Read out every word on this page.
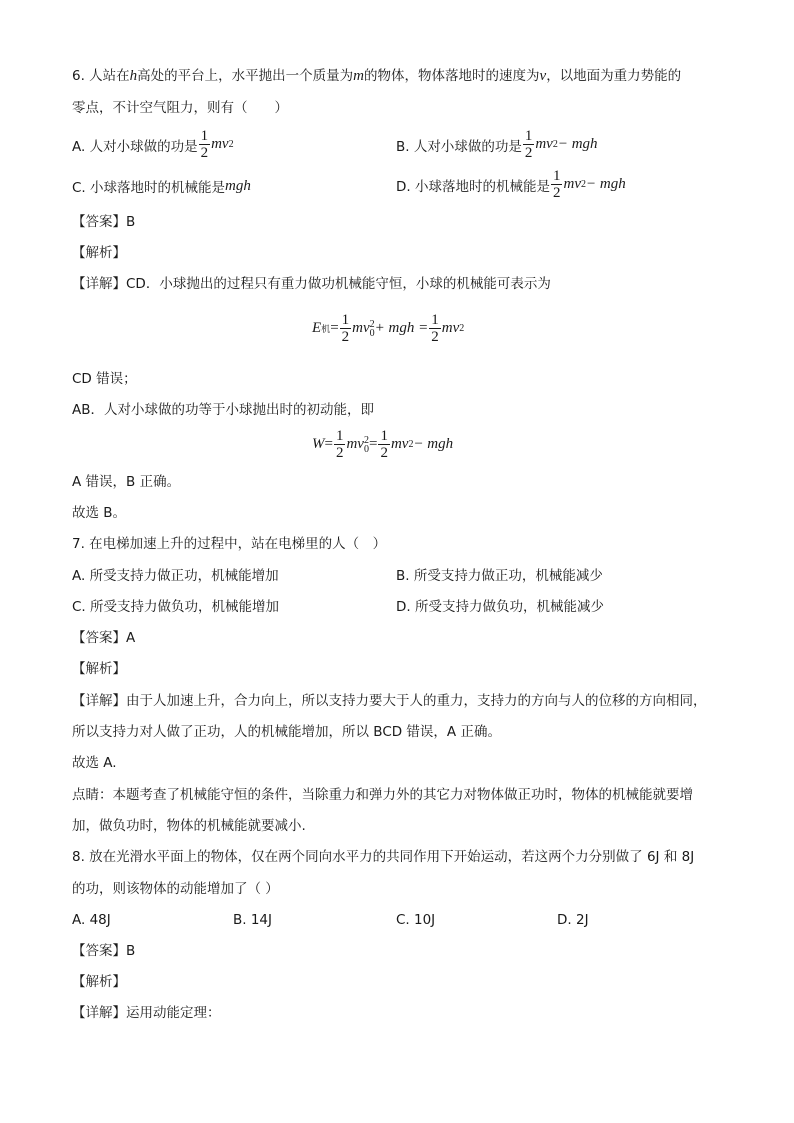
6. 人站在h高处的平台上，水平抛出一个质量为m的物体，物体落地时的速度为v，以地面为重力势能的
零点，不计空气阻力，则有（　　）
A. 人对小球做的功是 $\frac{1}{2}$ mv 2	B. 人对小球做的功是 $\frac{1}{2}$ mv 2 − mgh
C. 小球落地时的机械能是 mgh	D. 小球落地时的机械能是 $\frac{1}{2}$ mv 2 − mgh
【答案】B
【解析】
【详解】CD．小球抛出的过程只有重力做功机械能守恒，小球的机械能可表示为
E 机 = $\frac{1}{2}$ mv 2
0 + mgh = $\frac{1}{2}$ mv 2
CD 错误；
AB．人对小球做的功等于小球抛出时的初动能，即
$W = \frac{1}{2}$ mv 2
$0 = \frac{1}{2}$ mv 2 − mgh
A 错误，B 正确。
故选 B。
7. 在电梯加速上升的过程中，站在电梯里的人（　）
A. 所受支持力做正功，机械能增加	B. 所受支持力做正功，机械能减少
C. 所受支持力做负功，机械能增加	D. 所受支持力做负功，机械能减少
【答案】A
【解析】
【详解】由于人加速上升，合力向上，所以支持力要大于人的重力，支持力的方向与人的位移的方向相同，
所以支持力对人做了正功，人的机械能增加，所以 BCD 错误，A 正确。
故选 A.
点睛：本题考查了机械能守恒的条件，当除重力和弹力外的其它力对物体做正功时，物体的机械能就要增
加，做负功时，物体的机械能就要减小.
8. 放在光滑水平面上的物体，仅在两个同向水平力的共同作用下开始运动，若这两个力分别做了 6J 和 8J
的功，则该物体的动能增加了（ ）
A. 48J	B. 14J	C. 10J	D. 2J
【答案】B
【解析】
【详解】运用动能定理：
